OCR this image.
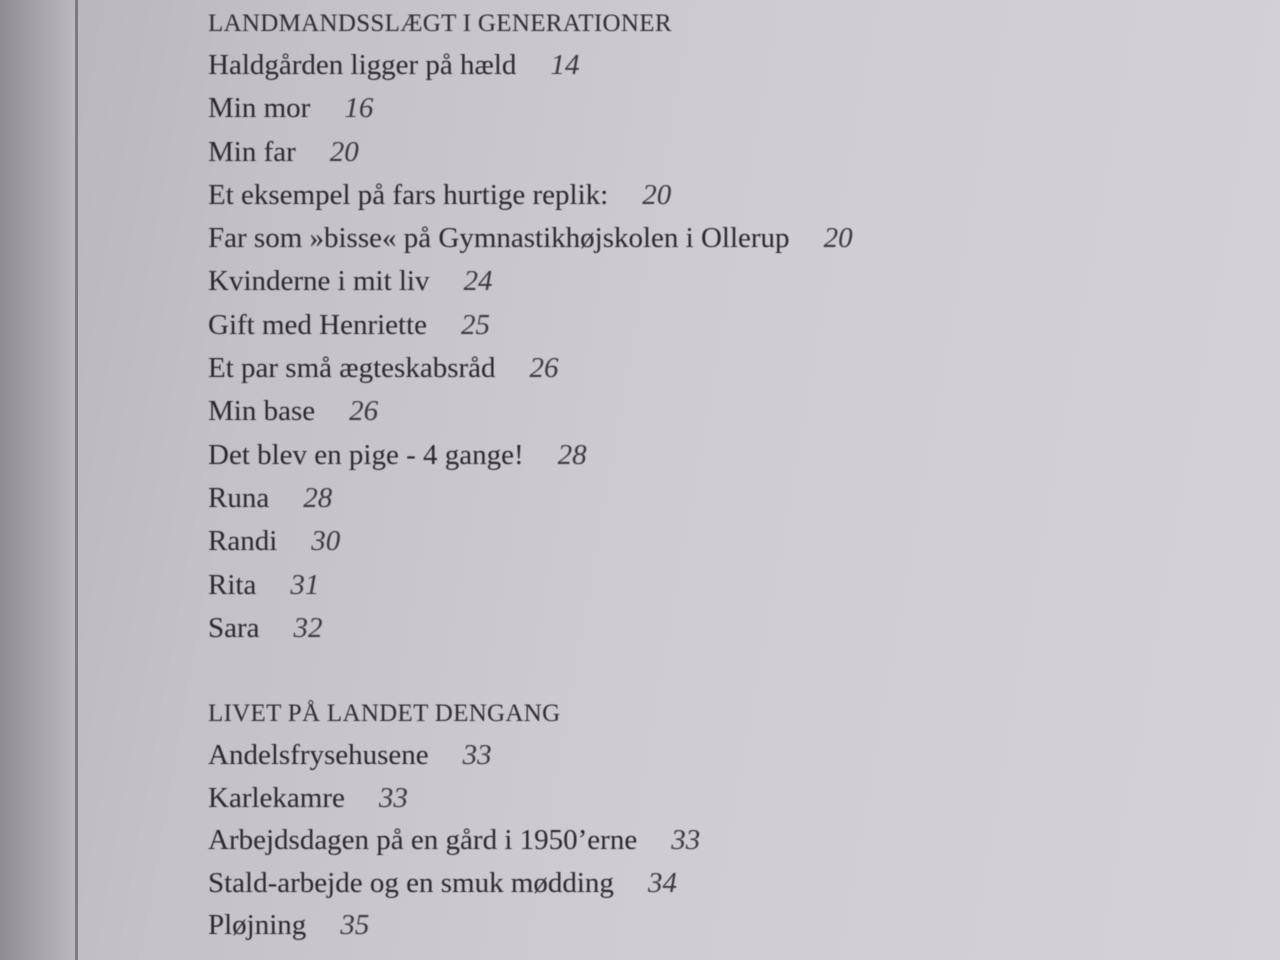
LANDMANDSSLÆGT I GENERATIONER
Haldgården ligger på hæld 14
Min mor 16
Min far 20
Et eksempel på fars hurtige replik: 20
Far som »bisse« på Gymnastikhøjskolen i Ollerup 20
Kvinderne i mit liv 24
Gift med Henriette 25
Et par små ægteskabsråd 26
Min base 26
Det blev en pige - 4 gange! 28
Runa 28
Randi 30
Rita 31
Sara 32
LIVET PÅ LANDET DENGANG
Andelsfrysehusene 33
Karlekamre 33
Arbejdsdagen på en gård i 1950’erne 33
Stald-arbejde og en smuk mødding 34
Pløjning 35
